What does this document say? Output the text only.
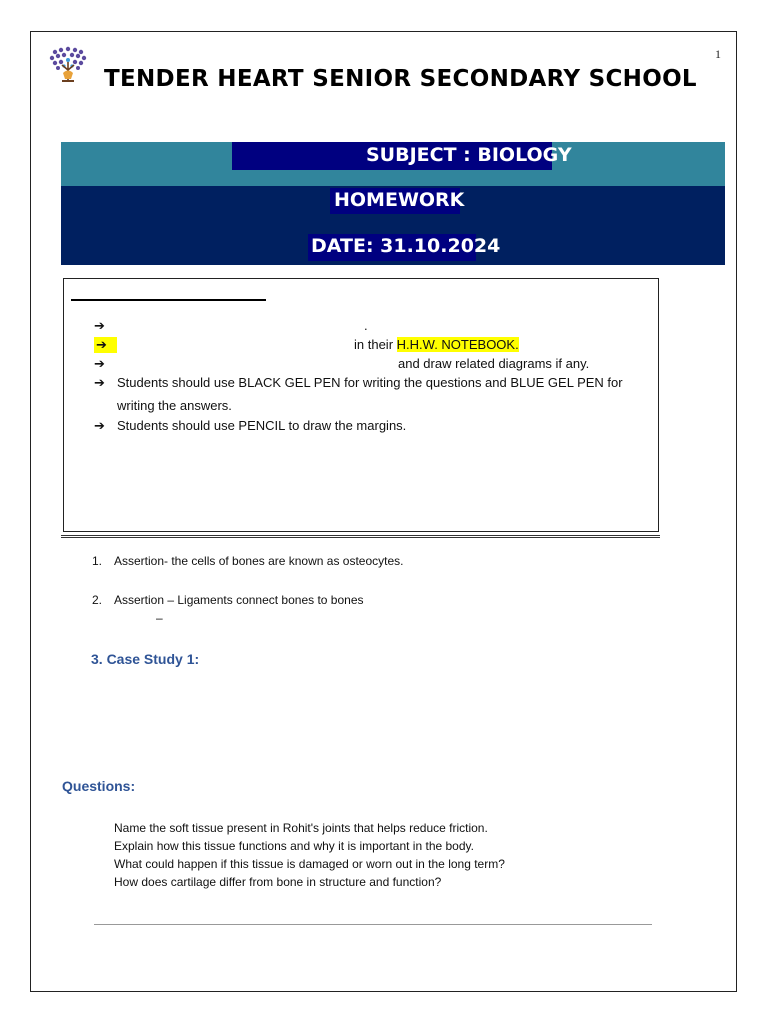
1
TENDER HEART SENIOR SECONDARY SCHOOL
SUBJECT : BIOLOGY
HOMEWORK
DATE: 31.10.2024
➔	.
➔	in their H.H.W. NOTEBOOK.
➔	and draw related diagrams if any.
➔ Students should use BLACK GEL PEN for writing the questions and BLUE GEL PEN for
writing the answers.
➔ Students should use PENCIL to draw the margins.
1. Assertion- the cells of bones are known as osteocytes.
2. Assertion – Ligaments connect bones to bones
–
3. Case Study 1:
Questions:
Name the soft tissue present in Rohit's joints that helps reduce friction.
Explain how this tissue functions and why it is important in the body.
What could happen if this tissue is damaged or worn out in the long term?
How does cartilage differ from bone in structure and function?
